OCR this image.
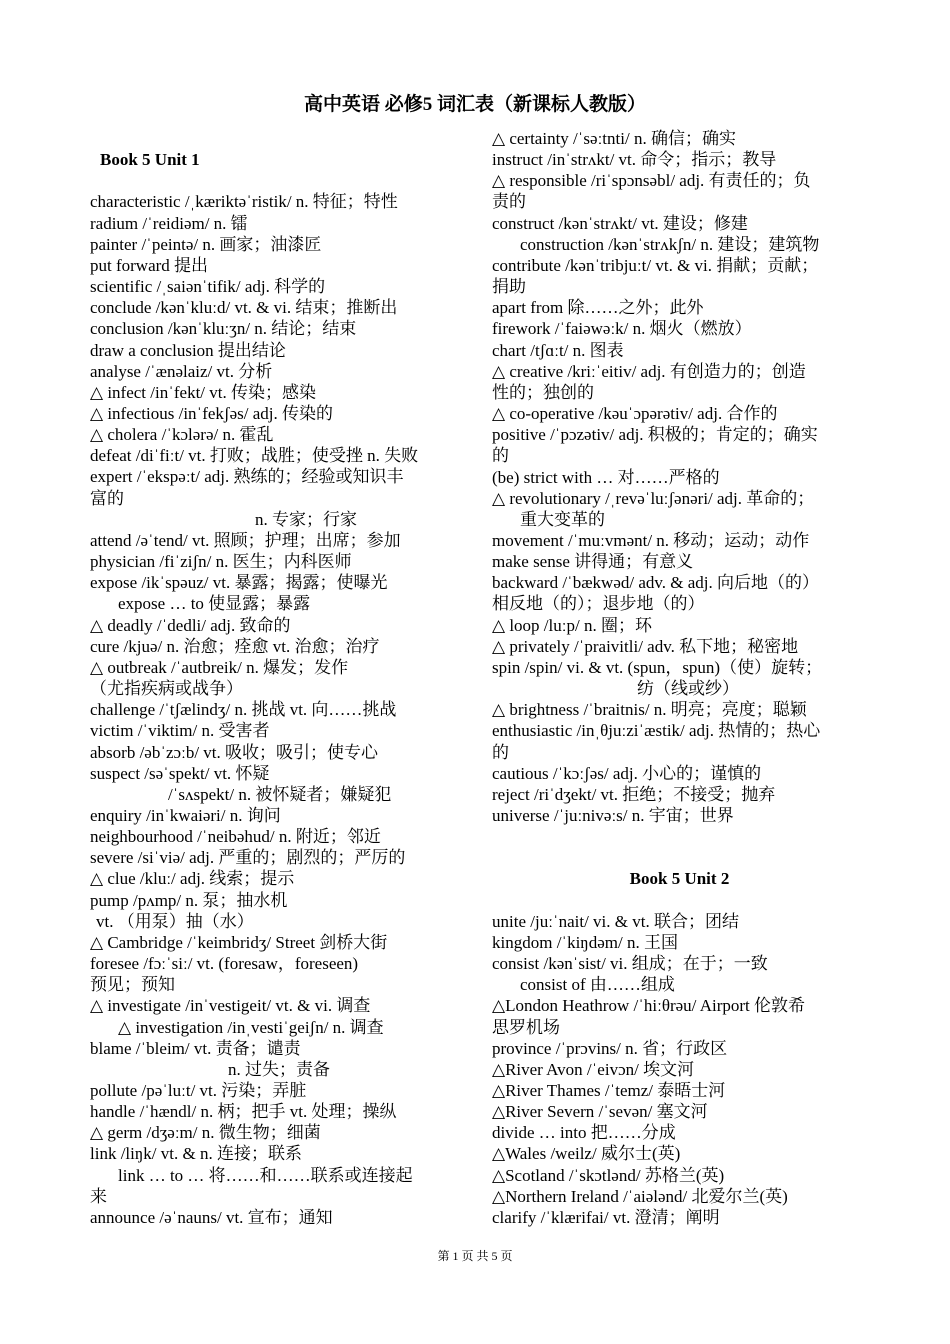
高中英语 必修5 词汇表（新课标人教版）
Book 5 Unit 1
characteristic /ˌkæriktəˈristik/ n. 特征；特性
radium /ˈreidiəm/ n. 镭
painter /ˈpeintə/ n. 画家；油漆匠
put forward 提出
scientific /ˌsaiənˈtifik/ adj. 科学的
conclude /kənˈkluːd/ vt. & vi. 结束；推断出
conclusion /kənˈkluːʒn/ n. 结论；结束
draw a conclusion 提出结论
analyse /ˈænəlaiz/ vt. 分析
△ infect /inˈfekt/ vt. 传染；感染
△ infectious /inˈfekʃəs/ adj. 传染的
△ cholera /ˈkɔlərə/ n. 霍乱
defeat /diˈfiːt/ vt. 打败；战胜；使受挫 n. 失败
expert /ˈekspəːt/ adj. 熟练的；经验或知识丰
富的
n. 专家；行家
attend /əˈtend/ vt. 照顾；护理；出席；参加
physician /fiˈziʃn/ n. 医生；内科医师
expose /ikˈspəuz/ vt. 暴露；揭露；使曝光
expose … to 使显露；暴露
△ deadly /ˈdedli/ adj. 致命的
cure /kjuə/ n. 治愈；痊愈 vt. 治愈；治疗
△ outbreak /ˈautbreik/ n. 爆发；发作
（尤指疾病或战争）
challenge /ˈtʃælindʒ/ n. 挑战 vt. 向……挑战
victim /ˈviktim/ n. 受害者
absorb /əbˈzɔːb/ vt. 吸收；吸引；使专心
suspect /səˈspekt/ vt. 怀疑
/ˈsʌspekt/ n. 被怀疑者；嫌疑犯
enquiry /inˈkwaiəri/ n. 询问
neighbourhood /ˈneibəhud/ n. 附近；邻近
severe /siˈviə/ adj. 严重的；剧烈的；严厉的
△ clue /kluː/ adj. 线索；提示
pump /pʌmp/ n. 泵；抽水机
vt. （用泵）抽（水）
△ Cambridge /ˈkeimbridʒ/ Street 剑桥大街
foresee /fɔːˈsiː/ vt. (foresaw，foreseen)
预见；预知
△ investigate /inˈvestigeit/ vt. & vi. 调查
△ investigation /inˌvestiˈgeiʃn/ n. 调查
blame /ˈbleim/ vt. 责备；谴责
n. 过失；责备
pollute /pəˈluːt/ vt. 污染；弄脏
handle /ˈhændl/ n. 柄；把手 vt. 处理；操纵
△ germ /dʒəːm/ n. 微生物；细菌
link /liŋk/ vt. & n. 连接；联系
link … to … 将……和……联系或连接起
来
announce /əˈnauns/ vt. 宣布；通知
△ certainty /ˈsəːtnti/ n. 确信；确实
instruct /inˈstrʌkt/ vt. 命令；指示；教导
△ responsible /riˈspɔnsəbl/ adj. 有责任的；负
责的
construct /kənˈstrʌkt/ vt. 建设；修建
construction /kənˈstrʌkʃn/ n. 建设；建筑物
contribute /kənˈtribjuːt/ vt. & vi. 捐献；贡献；
捐助
apart from 除……之外；此外
firework /ˈfaiəwəːk/ n. 烟火（燃放）
chart /tʃɑːt/ n. 图表
△ creative /kriːˈeitiv/ adj. 有创造力的；创造
性的；独创的
△ co-operative /kəuˈɔpərətiv/ adj. 合作的
positive /ˈpɔzətiv/ adj. 积极的；肯定的；确实
的
(be) strict with … 对……严格的
△ revolutionary /ˌrevəˈluːʃənəri/ adj. 革命的；
重大变革的
movement /ˈmuːvmənt/ n. 移动；运动；动作
make sense 讲得通；有意义
backward /ˈbækwəd/ adv. & adj. 向后地（的）
相反地（的）；退步地（的）
△ loop /luːp/ n. 圈；环
△ privately /ˈpraivitli/ adv. 私下地；秘密地
spin /spin/ vi. & vt. (spun，spun)（使）旋转；
纺（线或纱）
△ brightness /ˈbraitnis/ n. 明亮；亮度；聪颖
enthusiastic /inˌθjuːziˈæstik/ adj. 热情的；热心
的
cautious /ˈkɔːʃəs/ adj. 小心的；谨慎的
reject /riˈdʒekt/ vt. 拒绝；不接受；抛弃
universe /ˈjuːnivəːs/ n. 宇宙；世界
Book 5 Unit 2
unite /juːˈnait/ vi. & vt. 联合；团结
kingdom /ˈkiŋdəm/ n. 王国
consist /kənˈsist/ vi. 组成；在于；一致
consist of 由……组成
△London Heathrow /ˈhiːθrəu/ Airport 伦敦希
思罗机场
province /ˈprɔvins/ n. 省；行政区
△River Avon /ˈeivɔn/ 埃文河
△River Thames /ˈtemz/ 泰晤士河
△River Severn /ˈsevən/ 塞文河
divide … into 把……分成
△Wales /weilz/ 威尔士(英)
△Scotland /ˈskɔtlənd/ 苏格兰(英)
△Northern Ireland /ˈaiələnd/ 北爱尔兰(英)
clarify /ˈklærifai/ vt. 澄清；阐明
第 1 页 共 5 页
